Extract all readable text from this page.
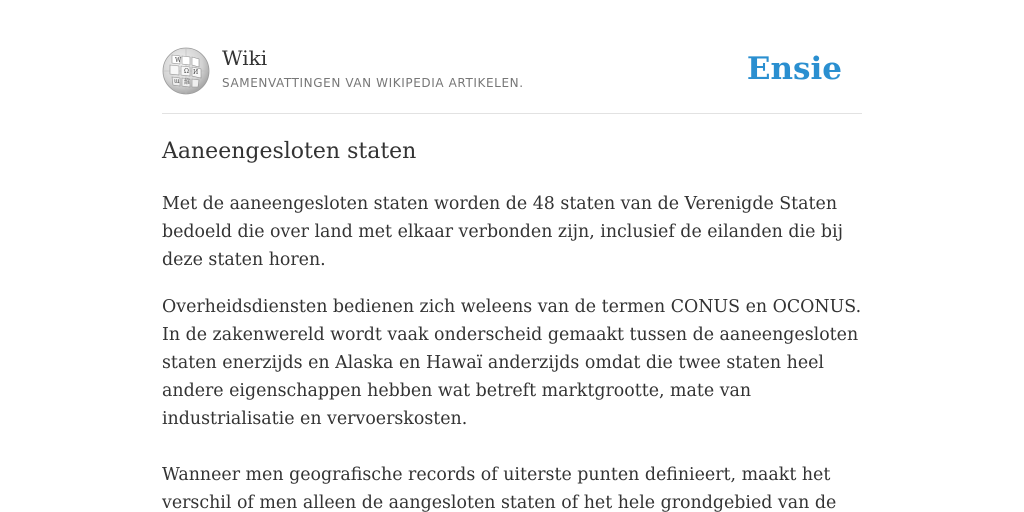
W
Ω И
ա 維
Wiki
SAMENVATTINGEN VAN WIKIPEDIA ARTIKELEN.	Ensie
Aaneengesloten staten

Met de aaneengesloten staten worden de 48 staten van de Verenigde Staten bedoeld die over land met elkaar verbonden zijn, inclusief de eilanden die bij deze staten horen.

Overheidsdiensten bedienen zich weleens van de termen CONUS en OCONUS. In de zakenwereld wordt vaak onderscheid gemaakt tussen de aaneengesloten staten enerzijds en Alaska en Hawaï anderzijds omdat die twee staten heel andere eigenschappen hebben wat betreft marktgrootte, mate van industrialisatie en vervoerskosten.

Wanneer men geografische records of uiterste punten definieert, maakt het verschil of men alleen de aangesloten staten of het hele grondgebied van de
